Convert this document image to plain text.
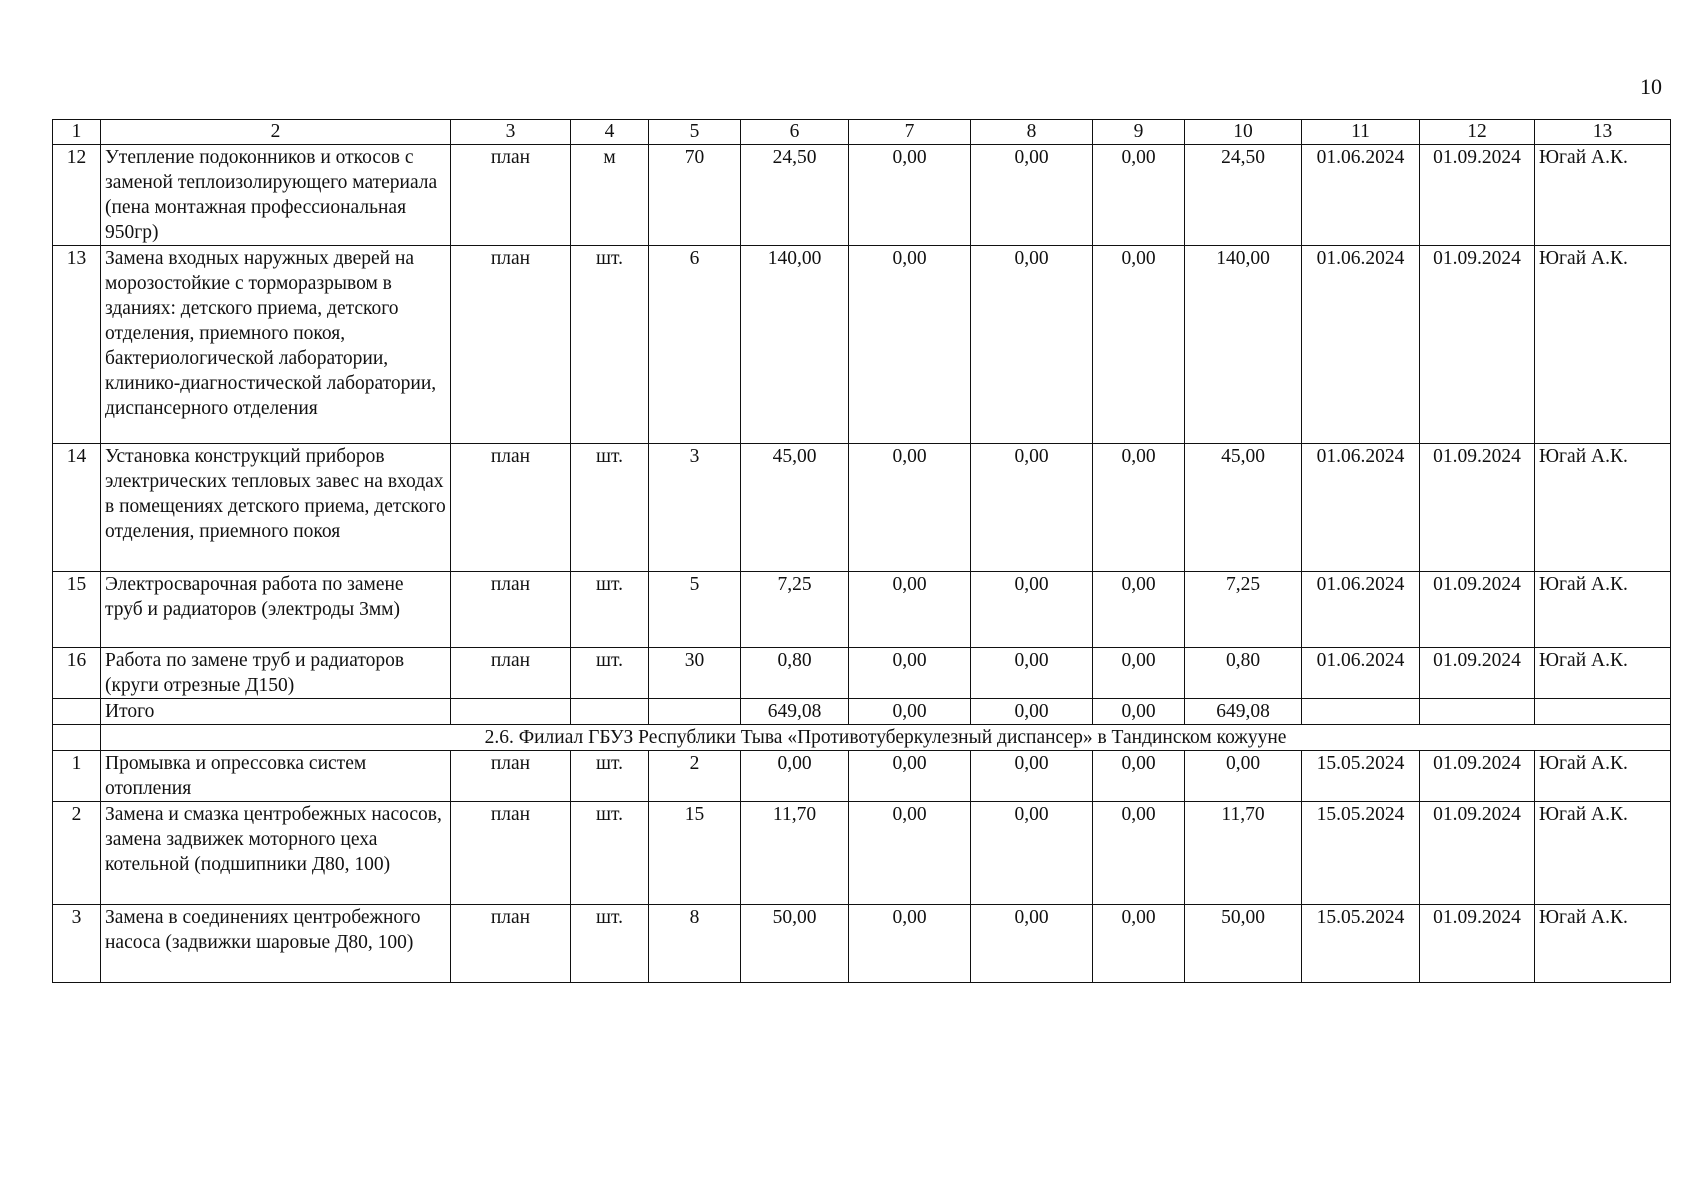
10
1	2	3	4	5	6	7	8	9	10	11	12	13
12	Утепление подоконников и откосов с заменой теплоизолирующего материала (пена монтажная профессиональная 950гр)	план	м	70	24,50	0,00	0,00	0,00	24,50	01.06.2024	01.09.2024	Югай А.К.
13	Замена входных наружных дверей на морозостойкие с торморазрывом в зданиях: детского приема, детского отделения, приемного покоя, бактериологической лаборатории, клинико-диагностической лаборатории, диспансерного отделения	план	шт.	6	140,00	0,00	0,00	0,00	140,00	01.06.2024	01.09.2024	Югай А.К.
14	Установка конструкций приборов электрических тепловых завес на входах в помещениях детского приема, детского отделения, приемного покоя	план	шт.	3	45,00	0,00	0,00	0,00	45,00	01.06.2024	01.09.2024	Югай А.К.
15	Электросварочная работа по замене труб и радиаторов (электроды 3мм)	план	шт.	5	7,25	0,00	0,00	0,00	7,25	01.06.2024	01.09.2024	Югай А.К.
16	Работа по замене труб и радиаторов (круги отрезные Д150)	план	шт.	30	0,80	0,00	0,00	0,00	0,80	01.06.2024	01.09.2024	Югай А.К.
	Итого				649,08	0,00	0,00	0,00	649,08			
	2.6. Филиал ГБУЗ Республики Тыва «Противотуберкулезный диспансер» в Тандинском кожууне											
1	Промывка и опрессовка систем отопления	план	шт.	2	0,00	0,00	0,00	0,00	0,00	15.05.2024	01.09.2024	Югай А.К.
2	Замена и смазка центробежных насосов, замена задвижек моторного цеха котельной (подшипники Д80, 100)	план	шт.	15	11,70	0,00	0,00	0,00	11,70	15.05.2024	01.09.2024	Югай А.К.
3	Замена в соединениях центробежного насоса (задвижки шаровые Д80, 100)	план	шт.	8	50,00	0,00	0,00	0,00	50,00	15.05.2024	01.09.2024	Югай А.К.
